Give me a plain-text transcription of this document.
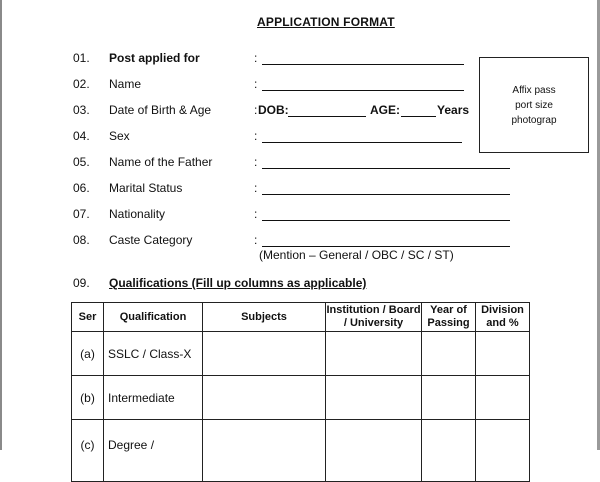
APPLICATION FORMAT
01. Post applied for	:
02. Name	:
03. Date of Birth & Age	: DOB:	AGE:	Years
04. Sex	:
05. Name of the Father	:
06. Marital Status	:
07. Nationality	:
08. Caste Category	:
(Mention – General / OBC / SC / ST)
Affix pass
port size
photograp
09. Qualifications (Fill up columns as applicable)
Ser	Qualification	Subjects	Institution / Board / University	Year of Passing	Division and %
(a)	SSLC / Class-X				
(b)	Intermediate				
(c)	Degree /				
